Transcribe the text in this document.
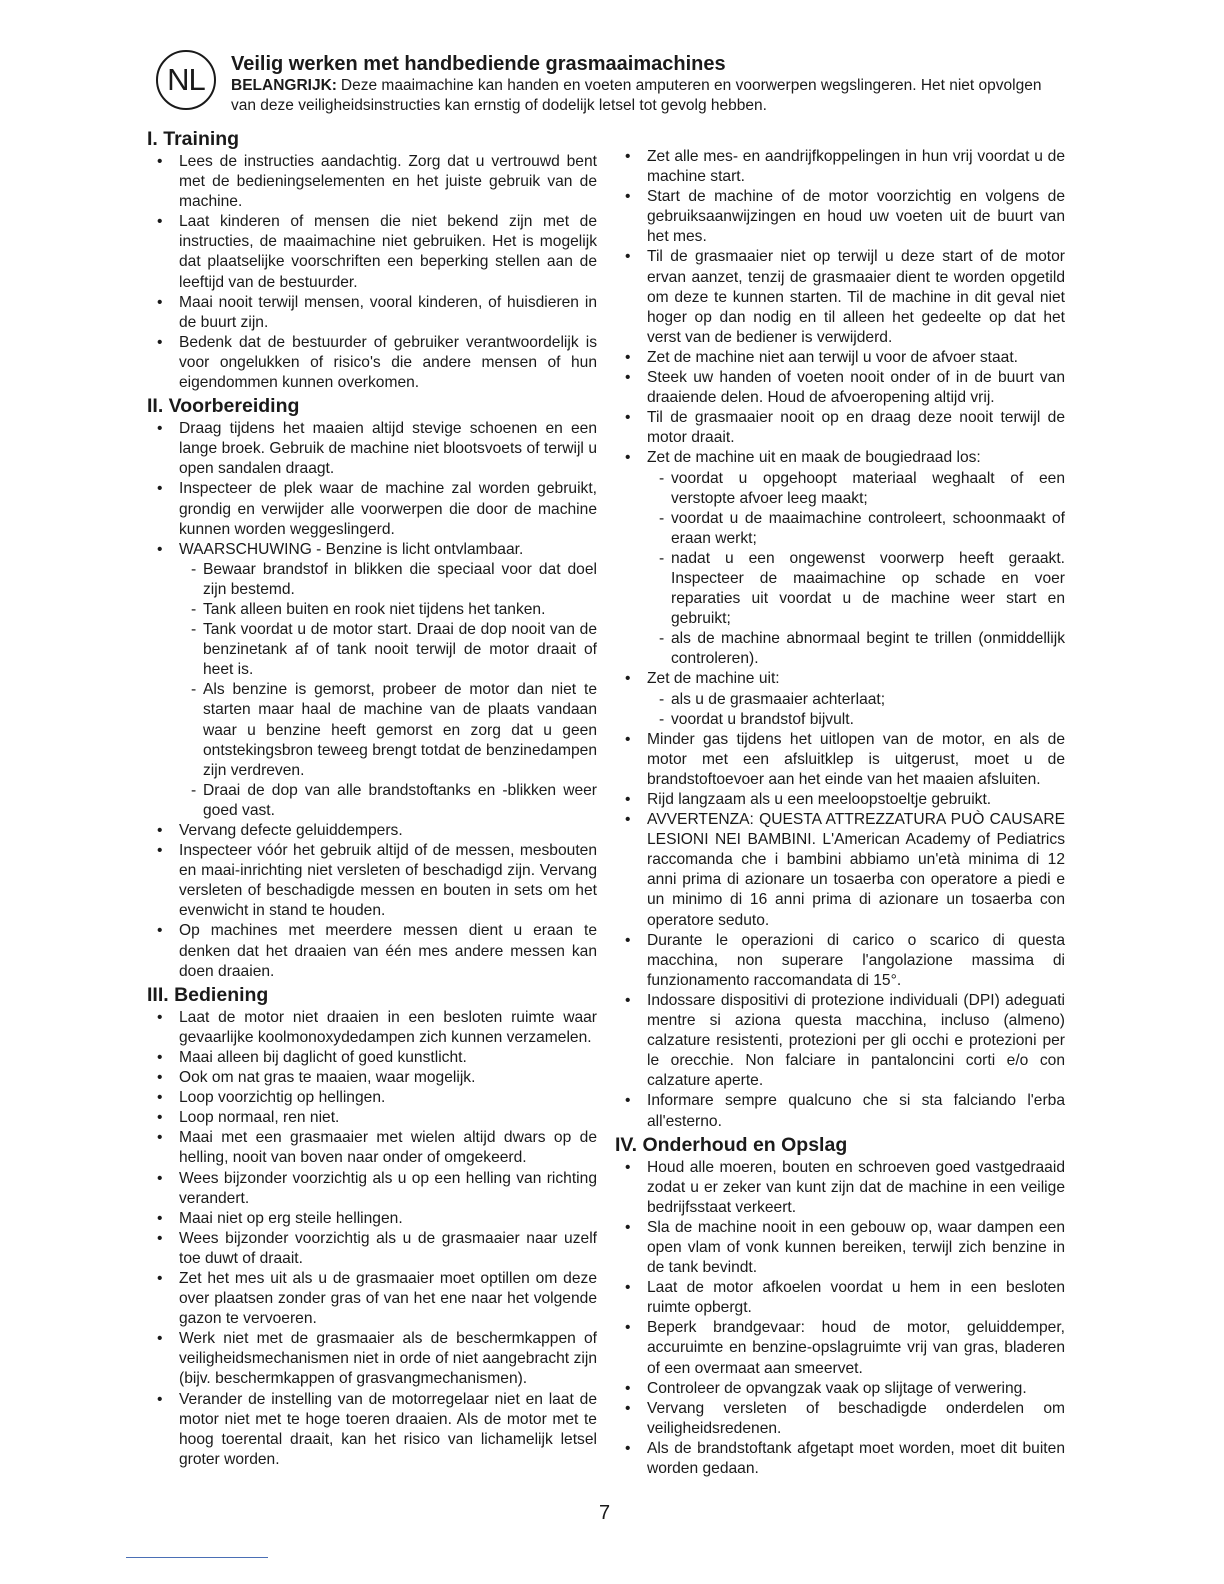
NL	Veilig werken met handbediende grasmaaimachines

BELANGRIJK: Deze maaimachine kan handen en voeten amputeren en voorwerpen wegslingeren. Het niet opvolgen van deze veiligheidsinstructies kan ernstig of dodelijk letsel tot gevolg hebben.

I. Training
• Lees de instructies aandachtig. Zorg dat u vertrouwd bent met de bedieningselementen en het juiste gebruik van de machine.
• Laat kinderen of mensen die niet bekend zijn met de instructies, de maaimachine niet gebruiken. Het is mogelijk dat plaatselijke voorschriften een beperking stellen aan de leeftijd van de bestuurder.
• Maai nooit terwijl mensen, vooral kinderen, of huisdieren in de buurt zijn.
• Bedenk dat de bestuurder of gebruiker verantwoordelijk is voor ongelukken of risico's die andere mensen of hun eigendommen kunnen overkomen.
II. Voorbereiding
• Draag tijdens het maaien altijd stevige schoenen en een lange broek. Gebruik de machine niet blootsvoets of terwijl u open sandalen draagt.
• Inspecteer de plek waar de machine zal worden gebruikt, grondig en verwijder alle voorwerpen die door de machine kunnen worden weggeslingerd.
• WAARSCHUWING - Benzine is licht ontvlambaar.
- Bewaar brandstof in blikken die speciaal voor dat doel zijn bestemd.
- Tank alleen buiten en rook niet tijdens het tanken.
- Tank voordat u de motor start. Draai de dop nooit van de benzinetank af of tank nooit terwijl de motor draait of heet is.
- Als benzine is gemorst, probeer de motor dan niet te starten maar haal de machine van de plaats vandaan waar u benzine heeft gemorst en zorg dat u geen ontstekingsbron teweeg brengt totdat de benzinedampen zijn verdreven.
- Draai de dop van alle brandstoftanks en -blikken weer goed vast.
• Vervang defecte geluiddempers.
• Inspecteer vóór het gebruik altijd of de messen, mesbouten en maai-inrichting niet versleten of beschadigd zijn. Vervang versleten of beschadigde messen en bouten in sets om het evenwicht in stand te houden.
• Op machines met meerdere messen dient u eraan te denken dat het draaien van één mes andere messen kan doen draaien.
III. Bediening
• Laat de motor niet draaien in een besloten ruimte waar gevaarlijke koolmonoxydedampen zich kunnen verzamelen.
• Maai alleen bij daglicht of goed kunstlicht.
• Ook om nat gras te maaien, waar mogelijk.
• Loop voorzichtig op hellingen.
• Loop normaal, ren niet.
• Maai met een grasmaaier met wielen altijd dwars op de helling, nooit van boven naar onder of omgekeerd.
• Wees bijzonder voorzichtig als u op een helling van richting verandert.
• Maai niet op erg steile hellingen.
• Wees bijzonder voorzichtig als u de grasmaaier naar uzelf toe duwt of draait.
• Zet het mes uit als u de grasmaaier moet optillen om deze over plaatsen zonder gras of van het ene naar het volgende gazon te vervoeren.
• Werk niet met de grasmaaier als de beschermkappen of veiligheidsmechanismen niet in orde of niet aangebracht zijn (bijv. beschermkappen of grasvangmechanismen).
• Verander de instelling van de motorregelaar niet en laat de motor niet met te hoge toeren draaien. Als de motor met te hoog toerental draait, kan het risico van lichamelijk letsel groter worden.
• Zet alle mes- en aandrijfkoppelingen in hun vrij voordat u de machine start.
• Start de machine of de motor voorzichtig en volgens de gebruiksaanwijzingen en houd uw voeten uit de buurt van het mes.
• Til de grasmaaier niet op terwijl u deze start of de motor ervan aanzet, tenzij de grasmaaier dient te worden opgetild om deze te kunnen starten. Til de machine in dit geval niet hoger op dan nodig en til alleen het gedeelte op dat het verst van de bediener is verwijderd.
• Zet de machine niet aan terwijl u voor de afvoer staat.
• Steek uw handen of voeten nooit onder of in de buurt van draaiende delen. Houd de afvoeropening altijd vrij.
• Til de grasmaaier nooit op en draag deze nooit terwijl de motor draait.
• Zet de machine uit en maak de bougiedraad los:
- voordat u opgehoopt materiaal weghaalt of een verstopte afvoer leeg maakt;
- voordat u de maaimachine controleert, schoonmaakt of eraan werkt;
- nadat u een ongewenst voorwerp heeft geraakt. Inspecteer de maaimachine op schade en voer reparaties uit voordat u de machine weer start en gebruikt;
- als de machine abnormaal begint te trillen (onmiddellijk controleren).
• Zet de machine uit:
- als u de grasmaaier achterlaat;
- voordat u brandstof bijvult.
• Minder gas tijdens het uitlopen van de motor, en als de motor met een afsluitklep is uitgerust, moet u de brandstoftoevoer aan het einde van het maaien afsluiten.
• Rijd langzaam als u een meeloopstoeltje gebruikt.
• AVVERTENZA: QUESTA ATTREZZATURA PUÒ CAUSARE LESIONI NEI BAMBINI. L'American Academy of Pediatrics raccomanda che i bambini abbiamo un'età minima di 12 anni prima di azionare un tosaerba con operatore a piedi e un minimo di 16 anni prima di azionare un tosaerba con operatore seduto.
• Durante le operazioni di carico o scarico di questa macchina, non superare l'angolazione massima di funzionamento raccomandata di 15°.
• Indossare dispositivi di protezione individuali (DPI) adeguati mentre si aziona questa macchina, incluso (almeno) calzature resistenti, protezioni per gli occhi e protezioni per le orecchie. Non falciare in pantaloncini corti e/o con calzature aperte.
• Informare sempre qualcuno che si sta falciando l'erba all'esterno.
IV. Onderhoud en Opslag
• Houd alle moeren, bouten en schroeven goed vastgedraaid zodat u er zeker van kunt zijn dat de machine in een veilige bedrijfsstaat verkeert.
• Sla de machine nooit in een gebouw op, waar dampen een open vlam of vonk kunnen bereiken, terwijl zich benzine in de tank bevindt.
• Laat de motor afkoelen voordat u hem in een besloten ruimte opbergt.
• Beperk brandgevaar: houd de motor, geluiddemper, accuruimte en benzine-opslagruimte vrij van gras, bladeren of een overmaat aan smeervet.
• Controleer de opvangzak vaak op slijtage of verwering.
• Vervang versleten of beschadigde onderdelen om veiligheidsredenen.
• Als de brandstoftank afgetapt moet worden, moet dit buiten worden gedaan.
7
